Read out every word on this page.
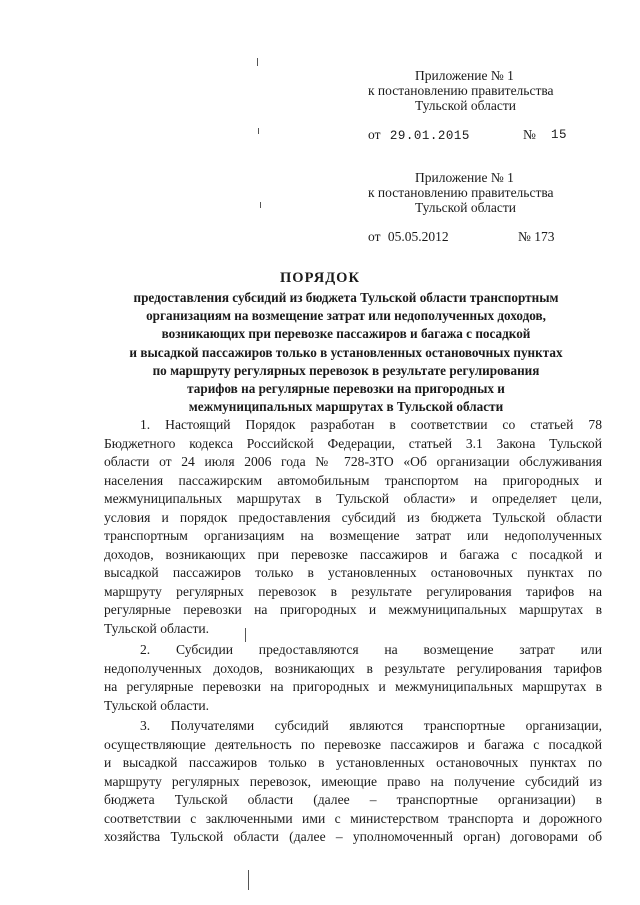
Приложение № 1
к постановлению правительства
Тульской области
от 29.01.2015	№ 15
Приложение № 1
к постановлению правительства
Тульской области
от 05.05.2012	№ 173
ПОРЯДОК
предоставления субсидий из бюджета Тульской области транспортным
организациям на возмещение затрат или недополученных доходов,
возникающих при перевозке пассажиров и багажа с посадкой
и высадкой пассажиров только в установленных остановочных пунктах
по маршруту регулярных перевозок в результате регулирования
тарифов на регулярные перевозки на пригородных и
межмуниципальных маршрутах в Тульской области
1. Настоящий Порядок разработан в соответствии со статьей 78
Бюджетного кодекса Российской Федерации, статьей 3.1 Закона Тульской
области от 24 июля 2006 года № 728-ЗТО «Об организации обслуживания
населения пассажирским автомобильным транспортом на пригородных и
межмуниципальных маршрутах в Тульской области» и определяет цели,
условия и порядок предоставления субсидий из бюджета Тульской области
транспортным организациям на возмещение затрат или недополученных
доходов, возникающих при перевозке пассажиров и багажа с посадкой и
высадкой пассажиров только в установленных остановочных пунктах по
маршруту регулярных перевозок в результате регулирования тарифов на
регулярные перевозки на пригородных и межмуниципальных маршрутах в
Тульской области.
2. Субсидии предоставляются на возмещение затрат или
недополученных доходов, возникающих в результате регулирования тарифов
на регулярные перевозки на пригородных и межмуниципальных маршрутах в
Тульской области.
3. Получателями субсидий являются транспортные организации,
осуществляющие деятельность по перевозке пассажиров и багажа с посадкой
и высадкой пассажиров только в установленных остановочных пунктах по
маршруту регулярных перевозок, имеющие право на получение субсидий из
бюджета Тульской области (далее – транспортные организации) в
соответствии с заключенными ими с министерством транспорта и дорожного
хозяйства Тульской области (далее – уполномоченный орган) договорами об
